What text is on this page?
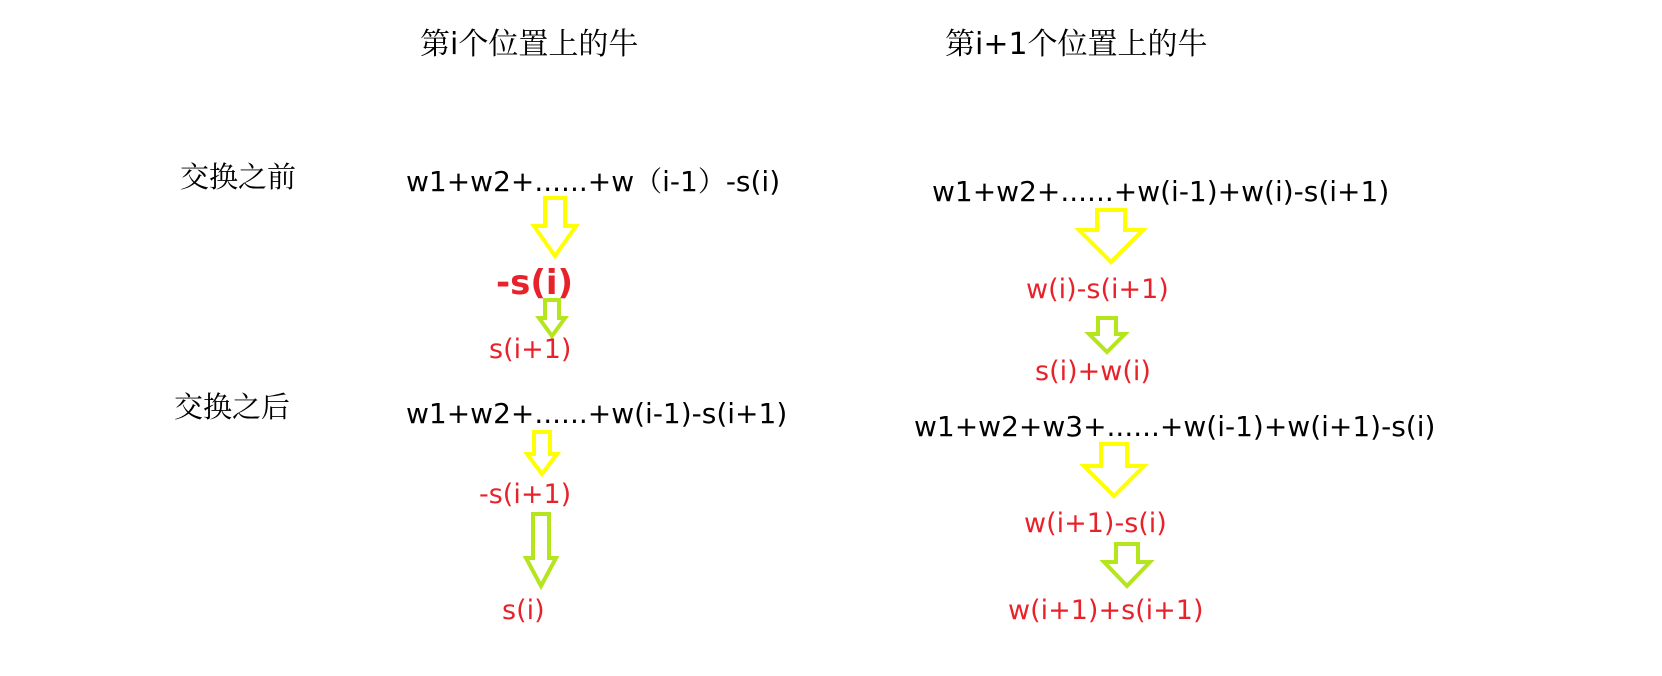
第i个位置上的牛	第i+1个位置上的牛
交换之前
交换之后
w1+w2+......+w（i-1）-s(i)
-s(i)
s(i+1)
w1+w2+......+w(i-1)+w(i)-s(i+1)
w(i)-s(i+1)
s(i)+w(i)
w1+w2+......+w(i-1)-s(i+1)
-s(i+1)
s(i)
w1+w2+w3+......+w(i-1)+w(i+1)-s(i)
w(i+1)-s(i)
w(i+1)+s(i+1)
